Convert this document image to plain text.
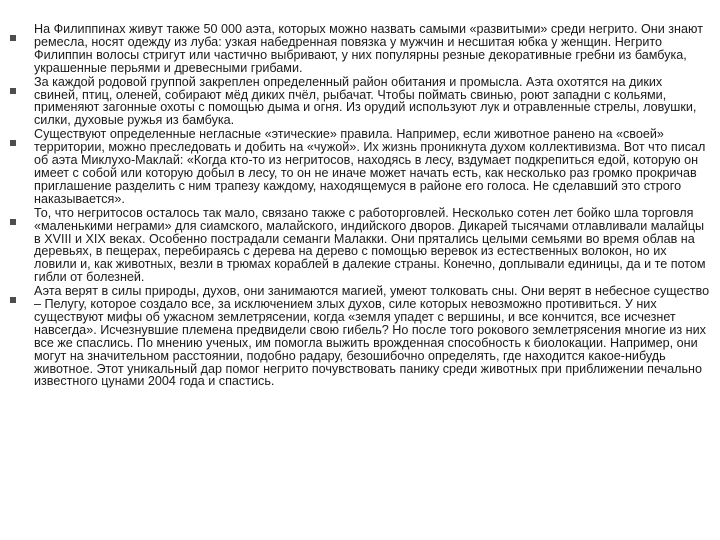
На Филиппинах живут также 50 000 аэта, которых можно назвать самыми «развитыми» среди негрито. Они знают ремесла, носят одежду из луба: узкая набедренная повязка у мужчин и несшитая юбка у женщин. Негрито Филиппин волосы стригут или частично выбривают, у них популярны резные декоративные гребни из бамбука, украшенные перьями и древесными грибами.
За каждой родовой группой закреплен определенный район обитания и промысла. Аэта охотятся на диких свиней, птиц, оленей, собирают мёд диких пчёл, рыбачат. Чтобы поймать свинью, роют западни с кольями, применяют загонные охоты с помощью дыма и огня. Из орудий используют лук и отравленные стрелы, ловушки, силки, духовые ружья из бамбука.
Существуют определенные негласные «этические» правила. Например, если животное ранено на «своей» территории, можно преследовать и добить на «чужой». Их жизнь проникнута духом коллективизма. Вот что писал об аэта Миклухо-Маклай: «Когда кто-то из негритосов, находясь в лесу, вздумает подкрепиться едой, которую он имеет с собой или которую добыл в лесу, то он не иначе может начать есть, как несколько раз громко прокричав приглашение разделить с ним трапезу каждому, находящемуся в районе его голоса. Не сделавший это строго наказывается».
То, что негритосов осталось так мало, связано также с работорговлей. Несколько сотен лет бойко шла торговля «маленькими неграми» для сиамского, малайского, индийского дворов. Дикарей тысячами отлавливали малайцы в XVIII и XIX веках. Особенно пострадали семанги Малакки. Они прятались целыми семьями во время облав на деревьях, в пещерах, перебираясь с дерева на дерево с помощью веревок из естественных волокон, но их ловили и, как животных, везли в трюмах кораблей в далекие страны. Конечно, доплывали единицы, да и те потом гибли от болезней.
Аэта верят в силы природы, духов, они занимаются магией, умеют толковать сны. Они верят в небесное существо – Пелугу, которое создало все, за исключением злых духов, силе которых невозможно противиться. У них существуют мифы об ужасном землетрясении, когда «земля упадет с вершины, и все кончится, все исчезнет навсегда». Исчезнувшие племена предвидели свою гибель? Но после того рокового землетрясения многие из них все же спаслись. По мнению ученых, им помогла выжить врожденная способность к биолокации. Например, они могут на значительном расстоянии, подобно радару, безошибочно определять, где находится какое-нибудь животное. Этот уникальный дар помог негрито почувствовать панику среди животных при приближении печально известного цунами 2004 года и спастись.
